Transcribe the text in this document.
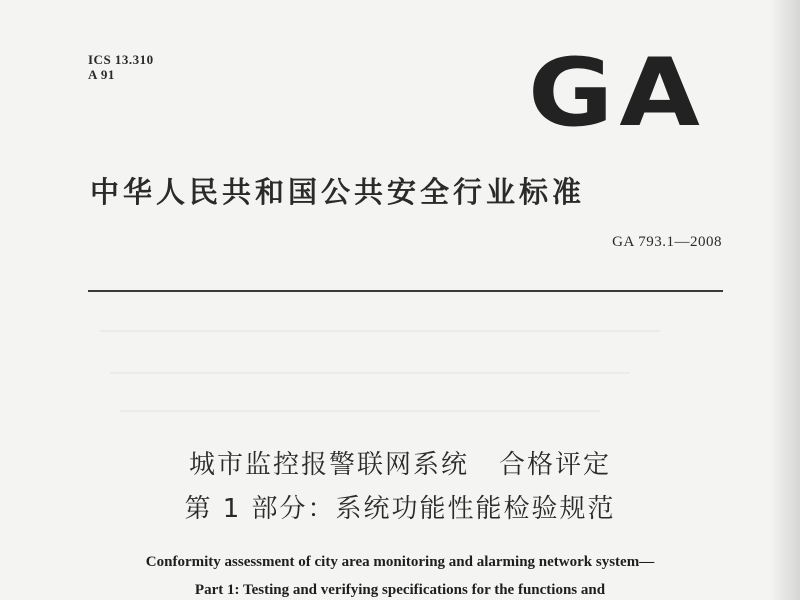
ICS 13.310
A 91	GA
中华人民共和国公共安全行业标准
GA 793.1—2008
城市监控报警联网系统 合格评定
第 1 部分：系统功能性能检验规范
Conformity assessment of city area monitoring and alarming network system—
Part 1: Testing and verifying specifications for the functions and
